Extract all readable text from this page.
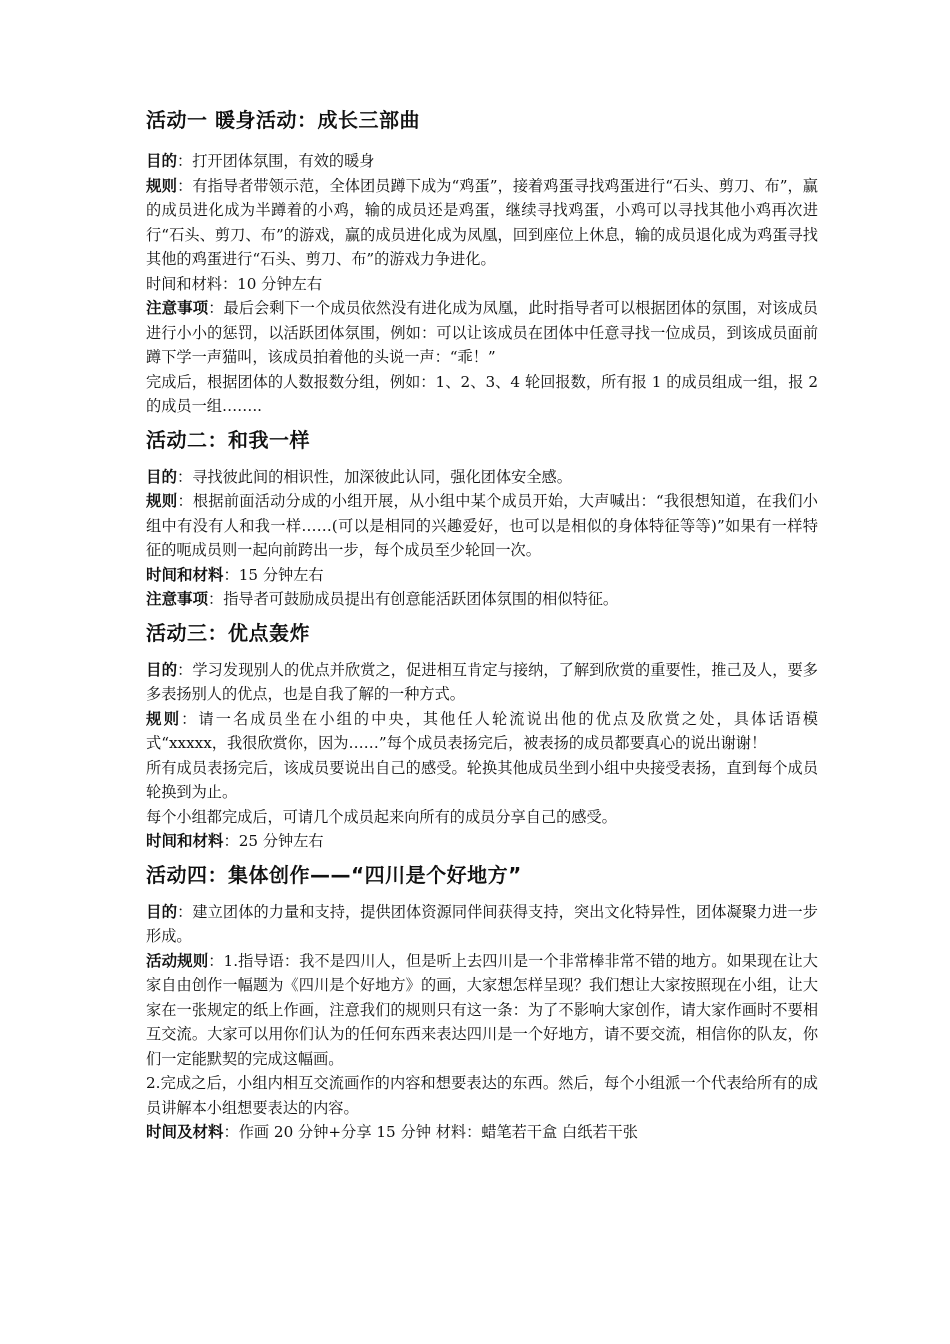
活动一 暖身活动：成长三部曲

目的：打开团体氛围，有效的暖身

规则：有指导者带领示范，全体团员蹲下成为“鸡蛋”，接着鸡蛋寻找鸡蛋进行“石头、剪刀、布”，赢的成员进化成为半蹲着的小鸡，输的成员还是鸡蛋，继续寻找鸡蛋，小鸡可以寻找其他小鸡再次进行“石头、剪刀、布”的游戏，赢的成员进化成为凤凰，回到座位上休息，输的成员退化成为鸡蛋寻找其他的鸡蛋进行“石头、剪刀、布”的游戏力争进化。

时间和材料：10 分钟左右

注意事项：最后会剩下一个成员依然没有进化成为凤凰，此时指导者可以根据团体的氛围，对该成员进行小小的惩罚，以活跃团体氛围，例如：可以让该成员在团体中任意寻找一位成员，到该成员面前蹲下学一声猫叫，该成员拍着他的头说一声：“乖！”

完成后，根据团体的人数报数分组，例如：1、2、3、4 轮回报数，所有报 1 的成员组成一组，报 2 的成员一组……..

活动二：和我一样

目的：寻找彼此间的相识性，加深彼此认同，强化团体安全感。

规则：根据前面活动分成的小组开展，从小组中某个成员开始，大声喊出：“我很想知道，在我们小组中有没有人和我一样……(可以是相同的兴趣爱好，也可以是相似的身体特征等等)”如果有一样特征的呃成员则一起向前跨出一步，每个成员至少轮回一次。

时间和材料：15 分钟左右

注意事项：指导者可鼓励成员提出有创意能活跃团体氛围的相似特征。

活动三：优点轰炸

目的：学习发现别人的优点并欣赏之，促进相互肯定与接纳，了解到欣赏的重要性，推己及人，要多多表扬别人的优点，也是自我了解的一种方式。

规则：请一名成员坐在小组的中央，其他任人轮流说出他的优点及欣赏之处，具体话语模式“xxxxx，我很欣赏你，因为……”每个成员表扬完后，被表扬的成员都要真心的说出谢谢！

所有成员表扬完后，该成员要说出自己的感受。轮换其他成员坐到小组中央接受表扬，直到每个成员轮换到为止。

每个小组都完成后，可请几个成员起来向所有的成员分享自己的感受。

时间和材料：25 分钟左右

活动四：集体创作——“四川是个好地方”

目的：建立团体的力量和支持，提供团体资源同伴间获得支持，突出文化特异性，团体凝聚力进一步形成。

活动规则：1.指导语：我不是四川人，但是听上去四川是一个非常棒非常不错的地方。如果现在让大家自由创作一幅题为《四川是个好地方》的画，大家想怎样呈现？我们想让大家按照现在小组，让大家在一张规定的纸上作画，注意我们的规则只有这一条：为了不影响大家创作，请大家作画时不要相互交流。大家可以用你们认为的任何东西来表达四川是一个好地方，请不要交流，相信你的队友，你们一定能默契的完成这幅画。

2.完成之后，小组内相互交流画作的内容和想要表达的东西。然后，每个小组派一个代表给所有的成员讲解本小组想要表达的内容。

时间及材料：作画 20 分钟+分享 15 分钟 材料：蜡笔若干盒 白纸若干张
